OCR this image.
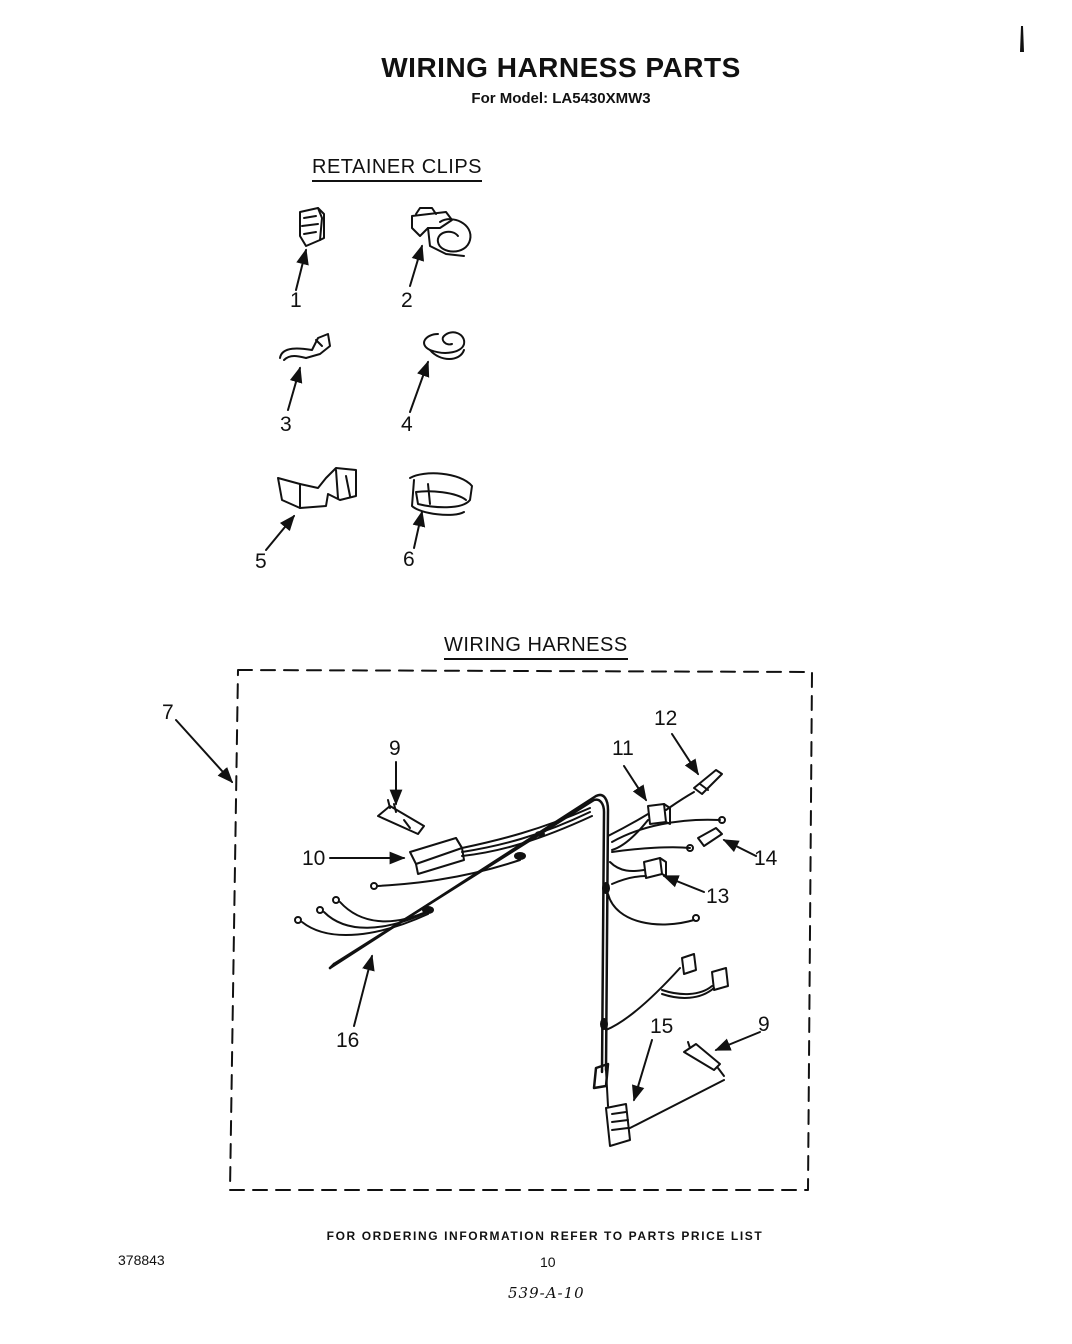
WIRING HARNESS PARTS
For Model: LA5430XMW3
RETAINER CLIPS
WIRING HARNESS
1	2
3	4
5	6
7
9
10
11
12
13
14
15
16
9
FOR ORDERING INFORMATION REFER TO PARTS PRICE LIST
378843	10
539-A-10
